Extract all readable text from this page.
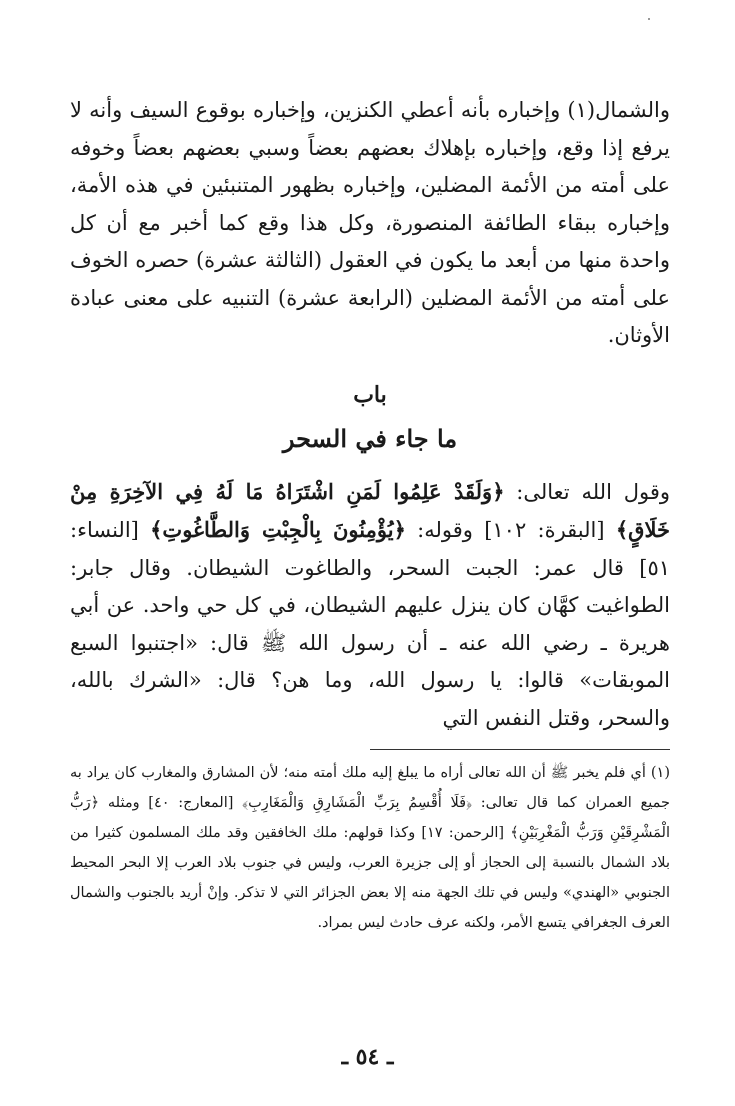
والشمال(١) وإخباره بأنه أعطي الكنزين، وإخباره بوقوع السيف وأنه لا يرفع إذا وقع، وإخباره بإهلاك بعضهم بعضاً وسبي بعضهم بعضاً وخوفه على أمته من الأئمة المضلين، وإخباره بظهور المتنبئين في هذه الأمة، وإخباره ببقاء الطائفة المنصورة، وكل هذا وقع كما أخبر مع أن كل واحدة منها من أبعد ما يكون في العقول (الثالثة عشرة) حصره الخوف على أمته من الأئمة المضلين (الرابعة عشرة) التنبيه على معنى عبادة الأوثان.

باب
ما جاء في السحر

وقول الله تعالى: ﴿وَلَقَدْ عَلِمُوا لَمَنِ اشْتَرَاهُ مَا لَهُ فِي الآخِرَةِ مِنْ خَلَاقٍ﴾ [البقرة: ١٠٢] وقوله: ﴿يُؤْمِنُونَ بِالْجِبْتِ وَالطَّاغُوتِ﴾ [النساء: ٥١] قال عمر: الجبت السحر، والطاغوت الشيطان. وقال جابر: الطواغيت كهَّان كان ينزل عليهم الشيطان، في كل حي واحد. عن أبي هريرة ـ رضي الله عنه ـ أن رسول الله ﷺ قال: «اجتنبوا السبع الموبقات» قالوا: يا رسول الله، وما هن؟ قال: «الشرك بالله، والسحر، وقتل النفس التي

(١) أي فلم يخبر ﷺ أن الله تعالى أراه ما يبلغ إليه ملك أمته منه؛ لأن المشارق والمغارب كان يراد به جميع العمران كما قال تعالى: ﴿فَلَا أُقْسِمُ بِرَبِّ الْمَشَارِقِ وَالْمَغَارِبِ﴾ [المعارج: ٤٠] ومثله ﴿رَبُّ الْمَشْرِقَيْنِ وَرَبُّ الْمَغْرِبَيْنِ﴾ [الرحمن: ١٧] وكذا قولهم: ملك الخافقين وقد ملك المسلمون كثيرا من بلاد الشمال بالنسبة إلى الحجاز أو إلى جزيرة العرب، وليس في جنوب بلاد العرب إلا البحر المحيط الجنوبي «الهندي» وليس في تلك الجهة منه إلا بعض الجزائر التي لا تذكر. وإنْ أريد بالجنوب والشمال العرف الجغرافي يتسع الأمر، ولكنه عرف حادث ليس بمراد.

ـ ٥٤ ـ
